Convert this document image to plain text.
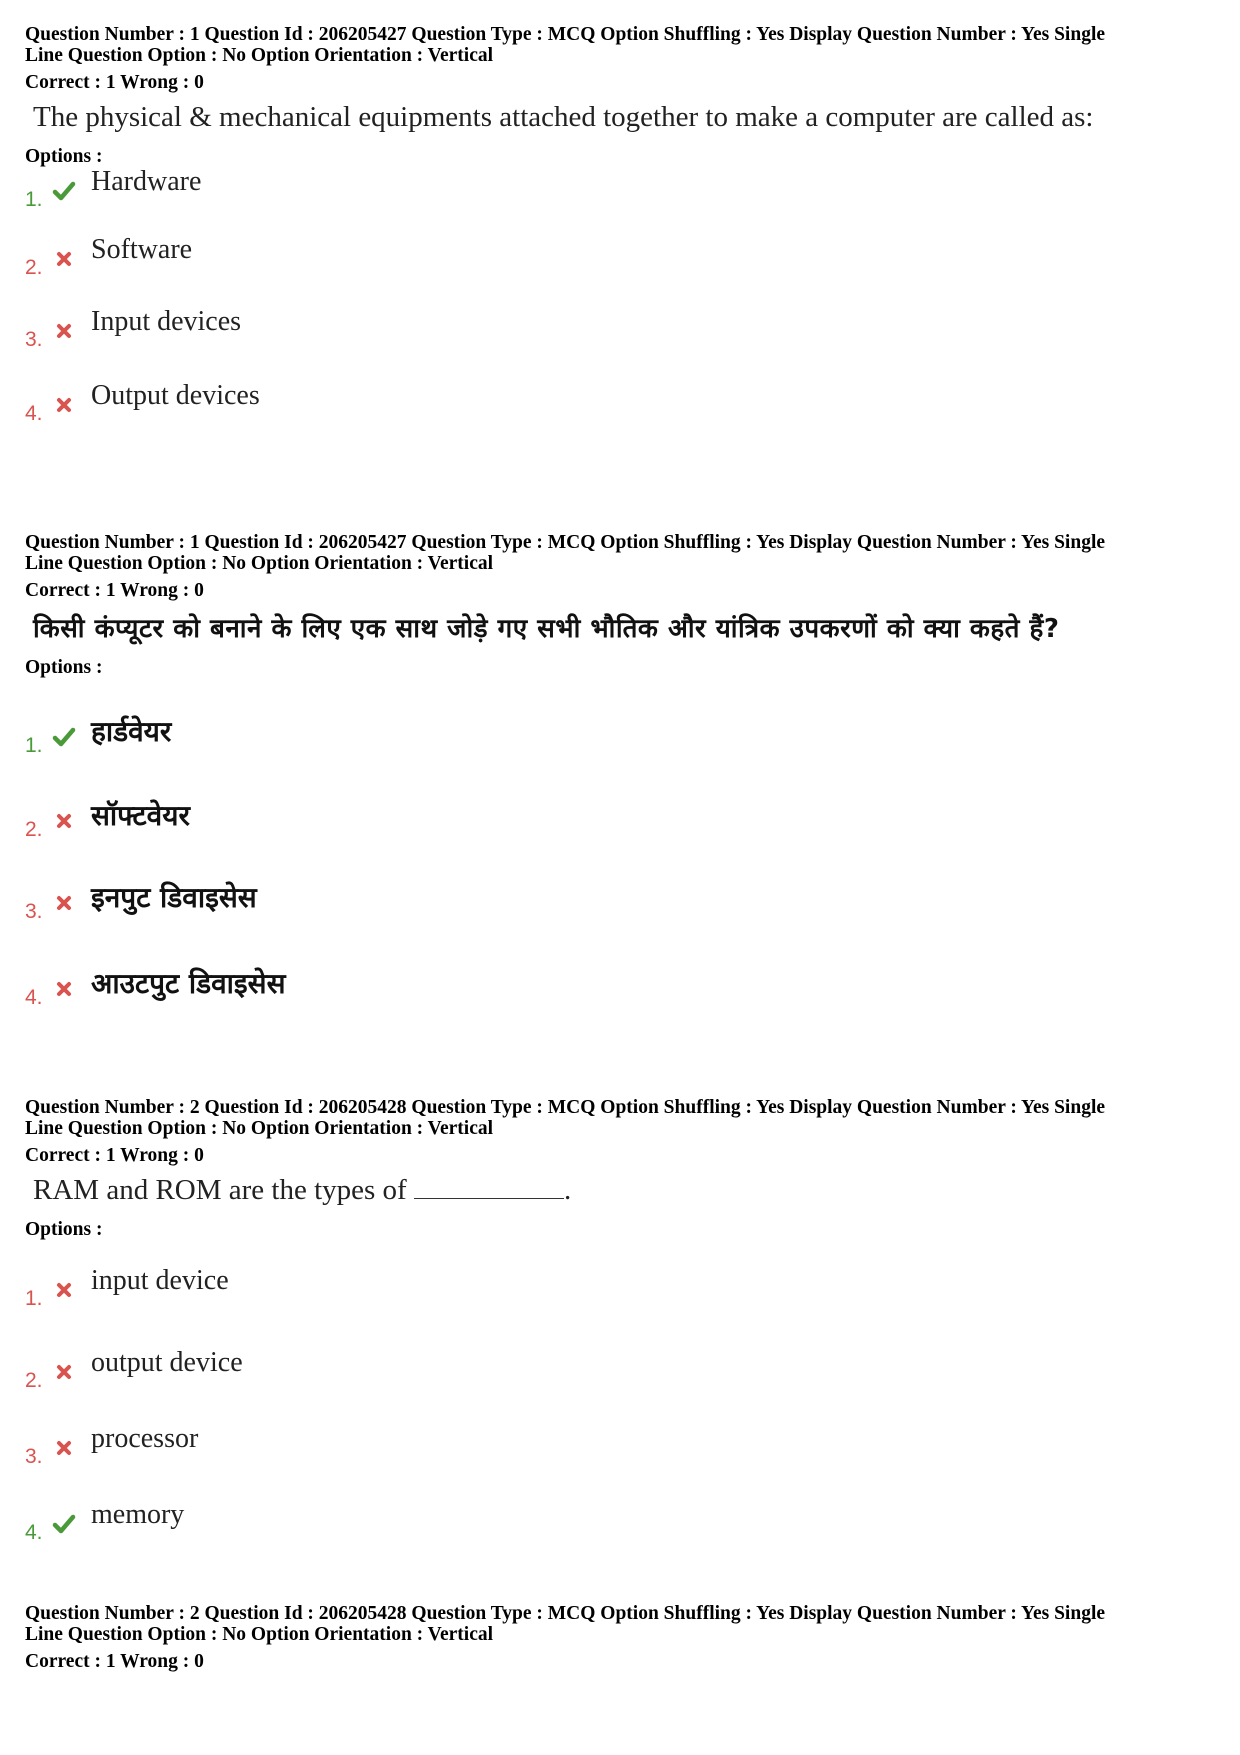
Question Number : 1 Question Id : 206205427 Question Type : MCQ Option Shuffling : Yes Display Question Number : Yes Single
Line Question Option : No Option Orientation : Vertical
Correct : 1 Wrong : 0
The physical & mechanical equipments attached together to make a computer are called as:
Options :
1.
Hardware
2.
Software
3.
Input devices
4.
Output devices
Question Number : 1 Question Id : 206205427 Question Type : MCQ Option Shuffling : Yes Display Question Number : Yes Single
Line Question Option : No Option Orientation : Vertical
Correct : 1 Wrong : 0
किसी कंप्यूटर को बनाने के लिए एक साथ जोड़े गए सभी भौतिक और यांत्रिक उपकरणों को क्या कहते हैं?
Options :
1. हार्डवेयर
2. सॉफ्टवेयर
3. इनपुट डिवाइसेस
4. आउटपुट डिवाइसेस
Question Number : 2 Question Id : 206205428 Question Type : MCQ Option Shuffling : Yes Display Question Number : Yes Single
Line Question Option : No Option Orientation : Vertical
Correct : 1 Wrong : 0
RAM and ROM are the types of	.
Options :
1.
input device
2.
output device
3.
processor
4.
memory
Question Number : 2 Question Id : 206205428 Question Type : MCQ Option Shuffling : Yes Display Question Number : Yes Single
Line Question Option : No Option Orientation : Vertical
Correct : 1 Wrong : 0
